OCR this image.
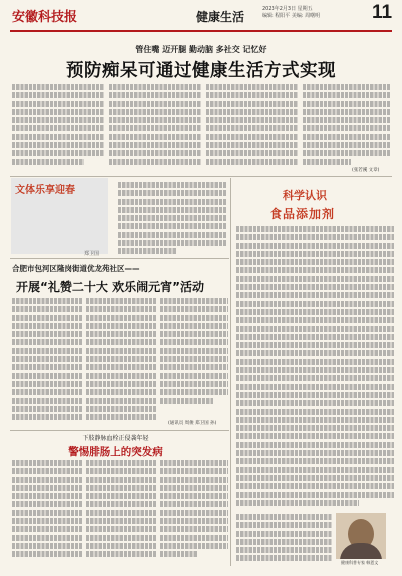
安徽科技报	健康生活
2023年2月3日 星期五
编辑: 程阳平 美编: 周曙明	11
管住嘴 迈开腿 勤动脑 多社交 记忆好
预防痴呆可通过健康生活方式实现
(张若溪 文章)
文体乐享迎春
郑卫国
科学认识
食品添加剂
健康科普专家 韩恩文
合肥市包河区隆岗街道优龙苑社区——
开展“礼赞二十大 欢乐闹元宵”活动
(通讯员 周俊 郑卫国 孙)
下肢静脉血栓正侵袭年轻
警惕腓肠上的突发病
